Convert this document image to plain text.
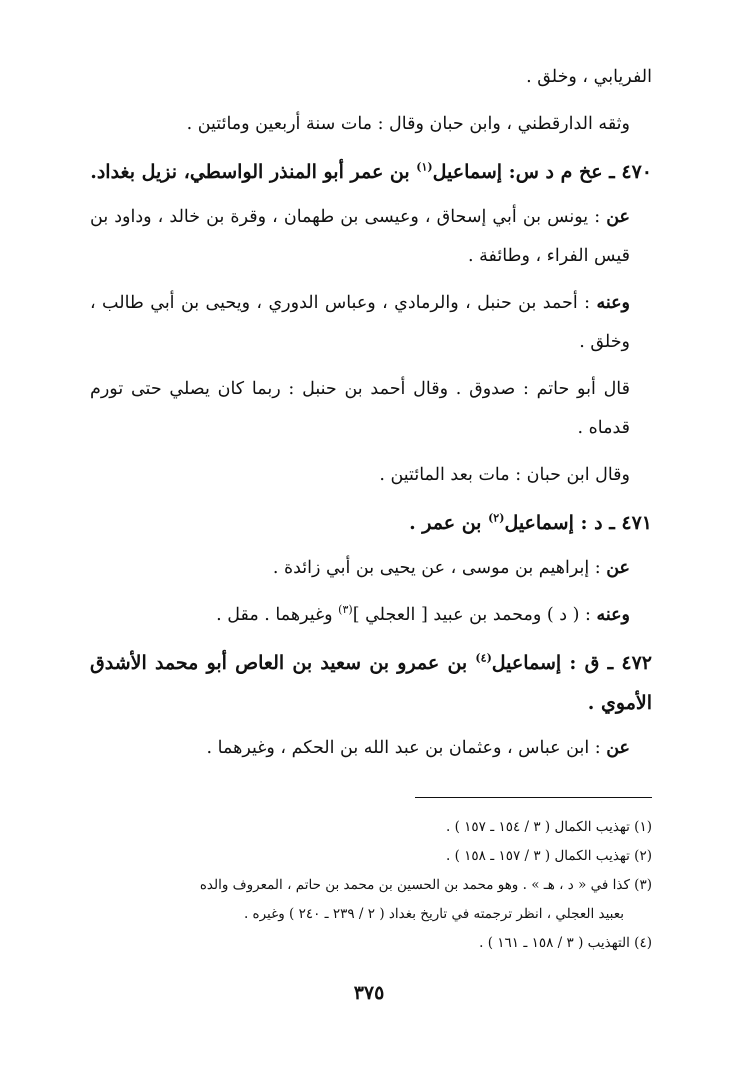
الفريابي ، وخلق .

وثقه الدارقطني ، وابن حبان وقال : مات سنة أربعين ومائتين .

٤٧٠ ـ عخ م د س: إسماعيل$^{(١)}$ بن عمر أبو المنذر الواسطي، نزيل بغداد.

عن : يونس بن أبي إسحاق ، وعيسى بن طهمان ، وقرة بن خالد ، وداود بن قيس الفراء ، وطائفة .

وعنه : أحمد بن حنبل ، والرمادي ، وعباس الدوري ، ويحيى بن أبي طالب ، وخلق .

قال أبو حاتم : صدوق . وقال أحمد بن حنبل : ربما كان يصلي حتى تورم قدماه .

وقال ابن حبان : مات بعد المائتين .

٤٧١ ـ د : إسماعيل$^{(٢)}$ بن عمر .

عن : إبراهيم بن موسى ، عن يحيى بن أبي زائدة .

وعنه : ( د ) ومحمد بن عبيد [ العجلي ]$^{(٣)}$ وغيرهما . مقل .

٤٧٢ ـ ق : إسماعيل$^{(٤)}$ بن عمرو بن سعيد بن العاص أبو محمد الأشدق الأموي .

عن : ابن عباس ، وعثمان بن عبد الله بن الحكم ، وغيرهما .

(١) تهذيب الكمال ( ٣ / ١٥٤ ـ ١٥٧ ) .

(٢) تهذيب الكمال ( ٣ / ١٥٧ ـ ١٥٨ ) .

(٣) كذا في « د ، هـ » . وهو محمد بن الحسين بن محمد بن حاتم ، المعروف والده
بعبيد العجلي ، انظر ترجمته في تاريخ بغداد ( ٢ / ٢٣٩ ـ ٢٤٠ ) وغيره .

(٤) التهذيب ( ٣ / ١٥٨ ـ ١٦١ ) .

٣٧٥
